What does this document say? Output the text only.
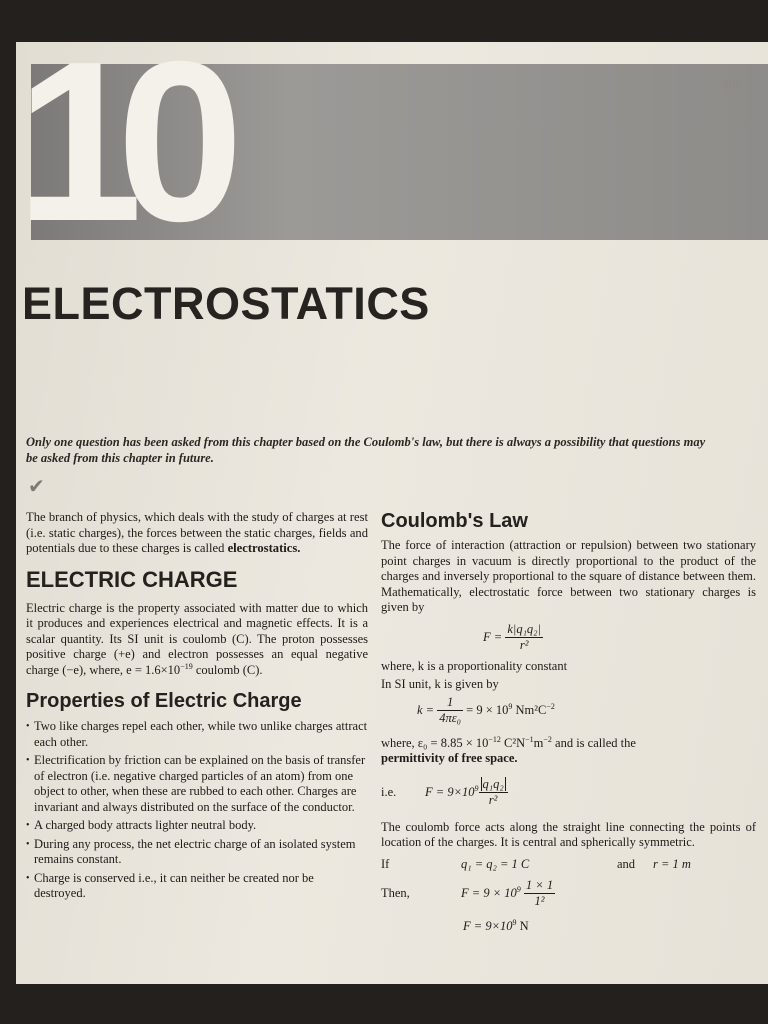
409
10
ELECTROSTATICS
Only one question has been asked from this chapter based on the Coulomb's law, but there is always a possibility that questions may be asked from this chapter in future.
✔

The branch of physics, which deals with the study of charges at rest (i.e. static charges), the forces between the static charges, fields and potentials due to these charges is called electrostatics.

ELECTRIC CHARGE

Electric charge is the property associated with matter due to which it produces and experiences electrical and magnetic effects. It is a scalar quantity. Its SI unit is coulomb (C). The proton possesses positive charge (+e) and electron possesses an equal negative charge (−e), where, $e = 1.6\times 10^{-19}$ coulomb (C).

Properties of Electric Charge
• Two like charges repel each other, while two unlike charges attract each other.
• Electrification by friction can be explained on the basis of transfer of electron (i.e. negative charged particles of an atom) from one object to other, when these are rubbed to each other. Charges are invariant and always distributed on the surface of the conductor.
• A charged body attracts lighter neutral body.
• During any process, the net electric charge of an isolated system remains constant.
• Charge is conserved i.e., it can neither be created nor be destroyed.
Coulomb's Law

The force of interaction (attraction or repulsion) between two stationary point charges in vacuum is directly proportional to the product of the charges and inversely proportional to the square of distance between them. Mathematically, electrostatic force between two stationary charges is given by

F =
$\frac{\text{k|q₁q₂|}}{\text{r²}}$

where, k is a proportionality constant

In SI unit, k is given by

k =
$\frac{1}{\text{4πε₀}} = 9 \times 10^9$ $Nm^2C^{-2}$

where, $\varepsilon_0 = 8.85 \times 10^{-12}$ $C^2N^{-1}m^{-2}$ and is called the
permittivity of free space.

i.e.	$F = 9\times 10^9 \frac{\text{q₁q₂}}{\text{r²}}$

The coulomb force acts along the straight line connecting the points of location of the charges. It is central and spherically symmetric.

If	q₁ = q₂ = 1 C	and	r = 1 m
Then,	$F = 9 \times 10^9$
$\frac{1 \times 1}{\text{1²}}$
$F = 9\times 10^9$ N
